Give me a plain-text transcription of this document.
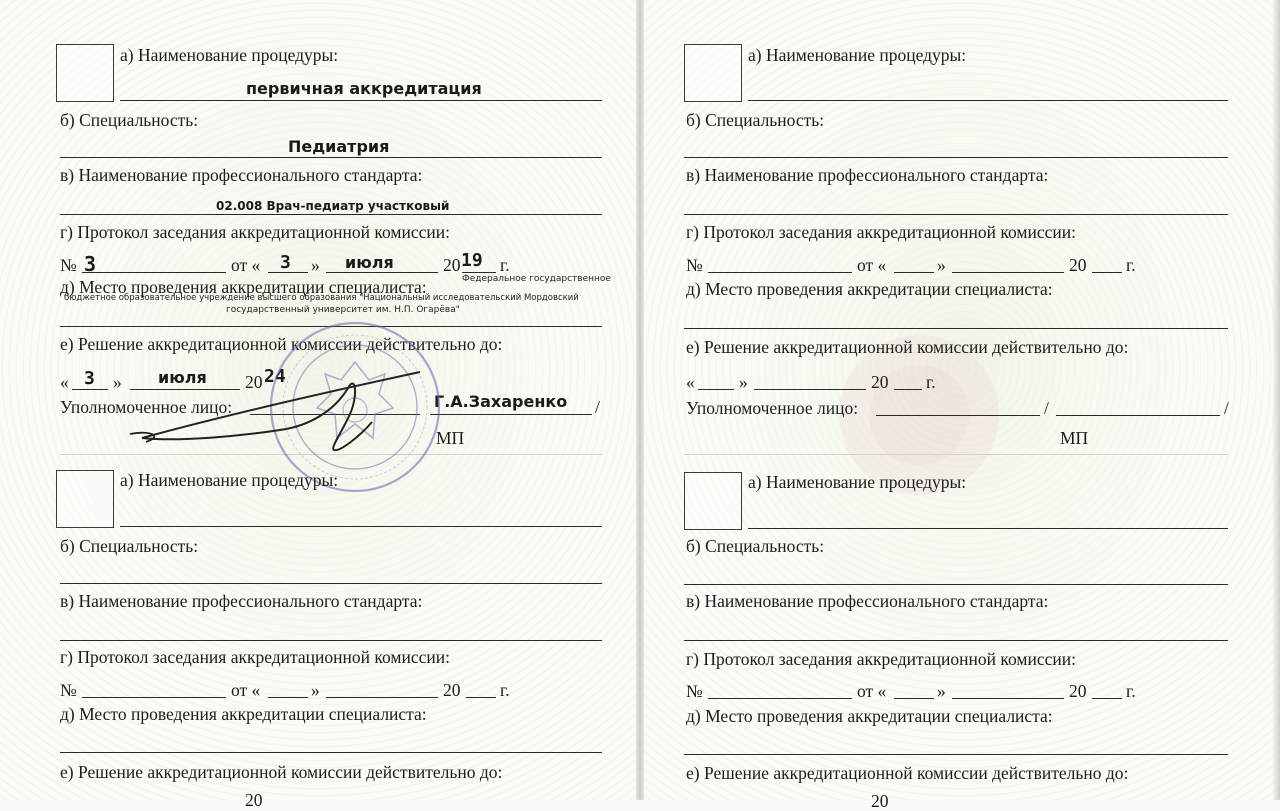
а) Наименование процедуры:
первичная аккредитация
б) Специальность:
Педиатрия
в) Наименование профессионального стандарта:
02.008 Врач-педиатр участковый
г) Протокол заседания аккредитационной комиссии:
№ 3	от « 3 » июля	20 19 г.
д) Место проведения аккредитации специалиста:	Федеральное государственное
бюджетное образовательное учреждение высшего образования "Национальный исследовательский Мордовский
государственный университет им. Н.П. Огарёва"
е) Решение аккредитационной комиссии действительно до:
« 3 » июля 20 24
Уполномоченное лицо:	Г.А.Захаренко /
МП
а) Наименование процедуры:
б) Специальность:
в) Наименование профессионального стандарта:
г) Протокол заседания аккредитационной комиссии:
№	от «	»	20 г.
д) Место проведения аккредитации специалиста:
е) Решение аккредитационной комиссии действительно до:
20
а) Наименование процедуры:
б) Специальность:
в) Наименование профессионального стандарта:
г) Протокол заседания аккредитационной комиссии:
№	от «	»	20 г.
д) Место проведения аккредитации специалиста:
е) Решение аккредитационной комиссии действительно до:
«	»	20 г.
Уполномоченное лицо:	/	/
МП
а) Наименование процедуры:
б) Специальность:
в) Наименование профессионального стандарта:
г) Протокол заседания аккредитационной комиссии:
№	от «	»	20 г.
д) Место проведения аккредитации специалиста:
е) Решение аккредитационной комиссии действительно до:
20
